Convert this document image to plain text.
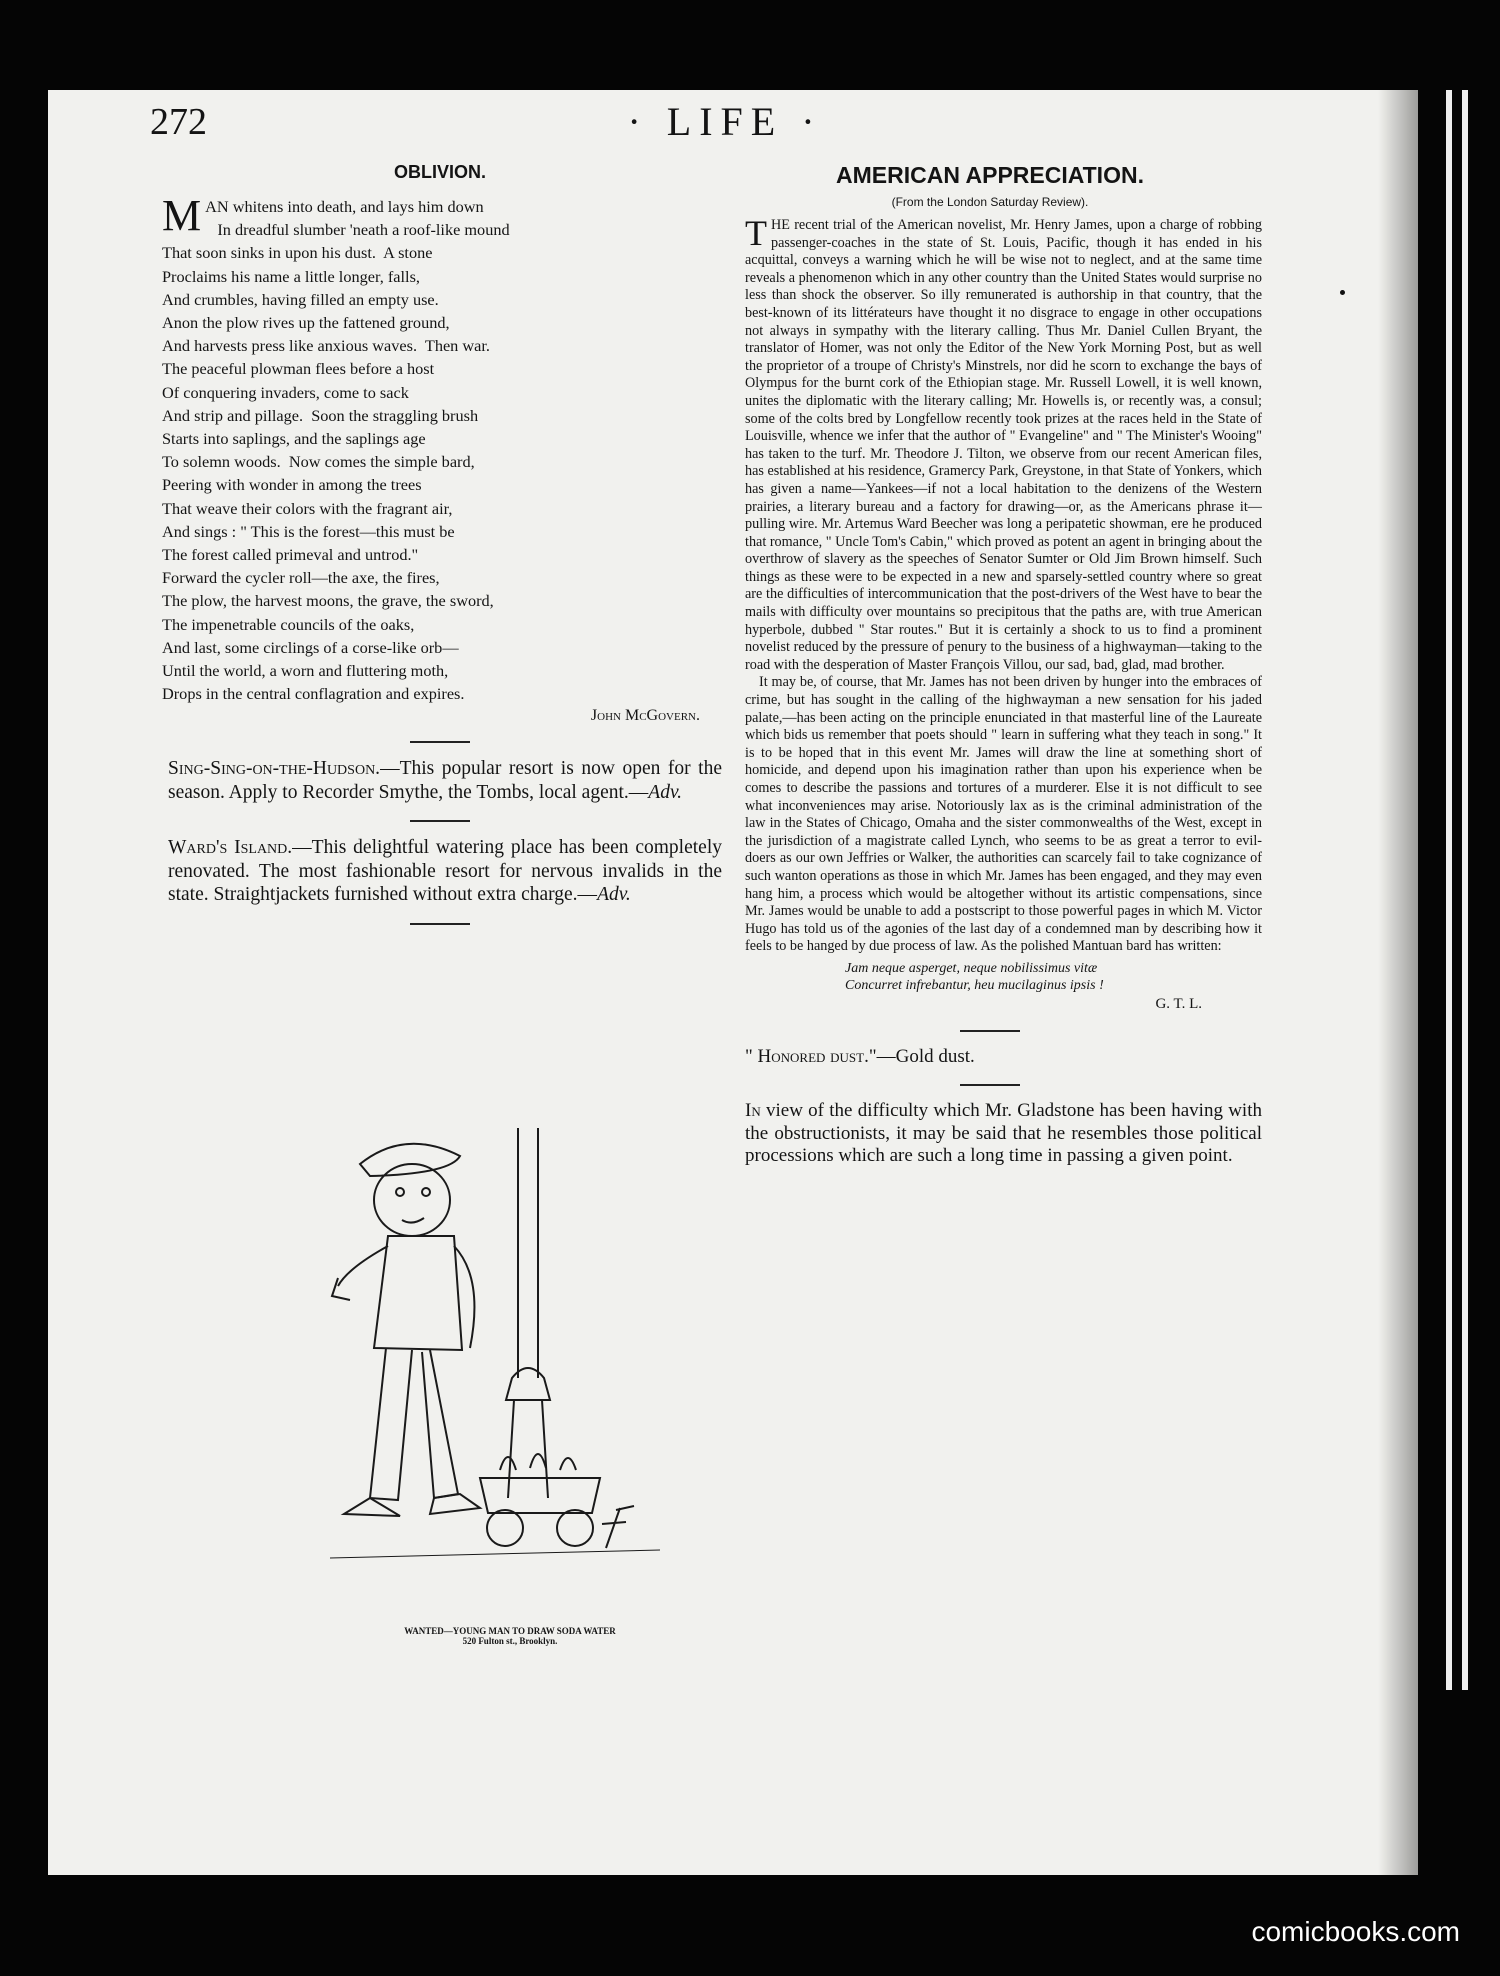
272	· LIFE ·
OBLIVION.
M AN whitens into death, and lays him down
In dreadful slumber 'neath a roof-like mound
That soon sinks in upon his dust.  A stone
Proclaims his name a little longer, falls,
And crumbles, having filled an empty use.
Anon the plow rives up the fattened ground,
And harvests press like anxious waves.  Then war.
The peaceful plowman flees before a host
Of conquering invaders, come to sack
And strip and pillage.  Soon the straggling brush
Starts into saplings, and the saplings age
To solemn woods.  Now comes the simple bard,
Peering with wonder in among the trees
That weave their colors with the fragrant air,
And sings : " This is the forest—this must be
The forest called primeval and untrod."
Forward the cycler roll—the axe, the fires,
The plow, the harvest moons, the grave, the sword,
The impenetrable councils of the oaks,
And last, some circlings of a corse-like orb—
Until the world, a worn and fluttering moth,
Drops in the central conflagration and expires.
John McGovern.
Sing-Sing-on-the-Hudson.—This popular resort is now open for the season. Apply to Recorder Smythe, the Tombs, local agent.—Adv.
Ward's Island.—This delightful watering place has been completely renovated. The most fashionable resort for nervous invalids in the state. Straightjackets furnished without extra charge.—Adv.
WANTED—YOUNG MAN TO DRAW SODA WATER
520 Fulton st., Brooklyn.
AMERICAN APPRECIATION.
(From the London Saturday Review).

THE recent trial of the American novelist, Mr. Henry James, upon a charge of robbing passenger-coaches in the state of St. Louis, Pacific, though it has ended in his acquittal, conveys a warning which he will be wise not to neglect, and at the same time reveals a phenomenon which in any other country than the United States would surprise no less than shock the observer. So illy remunerated is authorship in that country, that the best-known of its littérateurs have thought it no disgrace to engage in other occupations not always in sympathy with the literary calling. Thus Mr. Daniel Cullen Bryant, the translator of Homer, was not only the Editor of the New York Morning Post, but as well the proprietor of a troupe of Christy's Minstrels, nor did he scorn to exchange the bays of Olympus for the burnt cork of the Ethiopian stage. Mr. Russell Lowell, it is well known, unites the diplomatic with the literary calling; Mr. Howells is, or recently was, a consul; some of the colts bred by Longfellow recently took prizes at the races held in the State of Louisville, whence we infer that the author of " Evangeline" and " The Minister's Wooing" has taken to the turf. Mr. Theodore J. Tilton, we observe from our recent American files, has established at his residence, Gramercy Park, Greystone, in that State of Yonkers, which has given a name—Yankees—if not a local habitation to the denizens of the Western prairies, a literary bureau and a factory for drawing—or, as the Americans phrase it—pulling wire. Mr. Artemus Ward Beecher was long a peripatetic showman, ere he produced that romance, " Uncle Tom's Cabin," which proved as potent an agent in bringing about the overthrow of slavery as the speeches of Senator Sumter or Old Jim Brown himself. Such things as these were to be expected in a new and sparsely-settled country where so great are the difficulties of intercommunication that the post-drivers of the West have to bear the mails with difficulty over mountains so precipitous that the paths are, with true American hyperbole, dubbed " Star routes." But it is certainly a shock to us to find a prominent novelist reduced by the pressure of penury to the business of a highwayman—taking to the road with the desperation of Master François Villou, our sad, bad, glad, mad brother.

It may be, of course, that Mr. James has not been driven by hunger into the embraces of crime, but has sought in the calling of the highwayman a new sensation for his jaded palate,—has been acting on the principle enunciated in that masterful line of the Laureate which bids us remember that poets should " learn in suffering what they teach in song." It is to be hoped that in this event Mr. James will draw the line at something short of homicide, and depend upon his imagination rather than upon his experience when be comes to describe the passions and tortures of a murderer. Else it is not difficult to see what inconveniences may arise. Notoriously lax as is the criminal administration of the law in the States of Chicago, Omaha and the sister commonwealths of the West, except in the jurisdiction of a magistrate called Lynch, who seems to be as great a terror to evil-doers as our own Jeffries or Walker, the authorities can scarcely fail to take cognizance of such wanton operations as those in which Mr. James has been engaged, and they may even hang him, a process which would be altogether without its artistic compensations, since Mr. James would be unable to add a postscript to those powerful pages in which M. Victor Hugo has told us of the agonies of the last day of a condemned man by describing how it feels to be hanged by due process of law. As the polished Mantuan bard has written:

Jam neque asperget, neque nobilissimus vitæ
Concurret infrebantur, heu mucilaginus ipsis !
G. T. L.
" Honored dust."—Gold dust.
In view of the difficulty which Mr. Gladstone has been having with the obstructionists, it may be said that he resembles those political processions which are such a long time in passing a given point.
comicbooks.com
